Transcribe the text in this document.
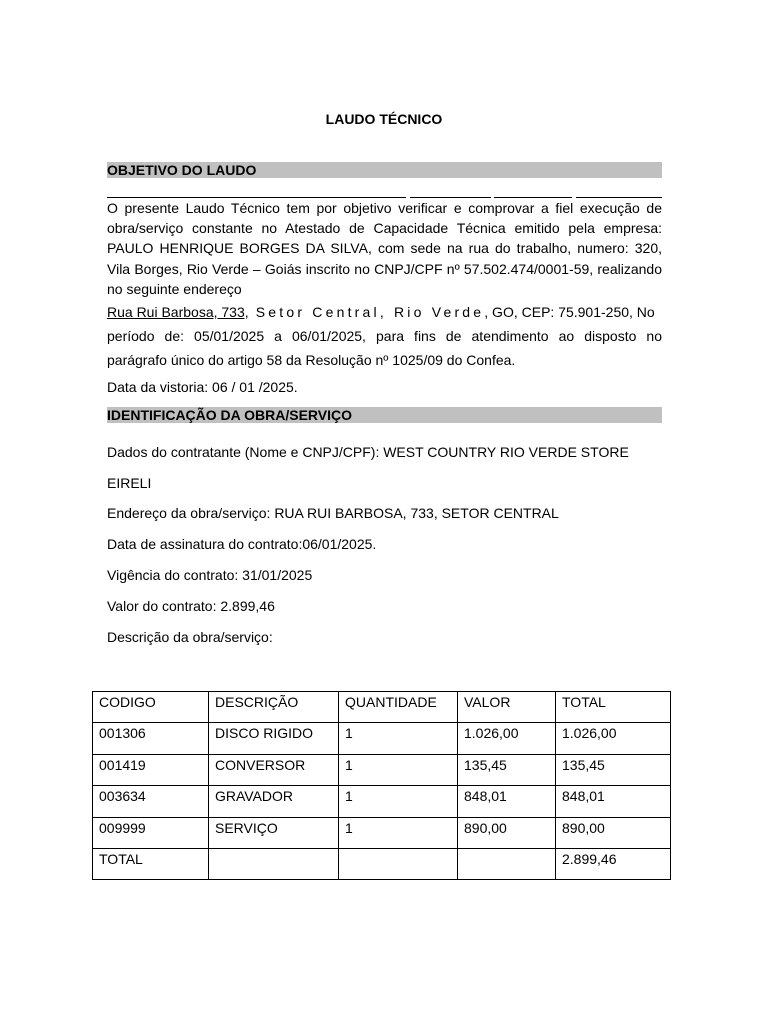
LAUDO TÉCNICO
OBJETIVO DO LAUDO
O presente Laudo Técnico tem por objetivo verificar e comprovar a fiel execução de obra/serviço constante no Atestado de Capacidade Técnica emitido pela empresa: PAULO HENRIQUE BORGES DA SILVA, com sede na rua do trabalho, numero: 320, Vila Borges, Rio Verde – Goiás inscrito no CNPJ/CPF nº 57.502.474/0001-59, realizando no seguinte endereço
Rua Rui Barbosa, 733, Setor Central, Rio Verde, GO, CEP: 75.901-250, No
período de: 05/01/2025 a 06/01/2025, para fins de atendimento ao disposto no
parágrafo único do artigo 58 da Resolução nº 1025/09 do Confea.
Data da vistoria: 06 / 01 /2025.
IDENTIFICAÇÃO DA OBRA/SERVIÇO
Dados do contratante (Nome e CNPJ/CPF): WEST COUNTRY RIO VERDE STORE
EIRELI
Endereço da obra/serviço: RUA RUI BARBOSA, 733, SETOR CENTRAL
Data de assinatura do contrato:06/01/2025.
Vigência do contrato: 31/01/2025
Valor do contrato: 2.899,46
Descrição da obra/serviço:
CODIGO	DESCRIÇÃO	QUANTIDADE	VALOR	TOTAL
001306	DISCO RIGIDO	1	1.026,00	1.026,00
001419	CONVERSOR	1	135,45	135,45
003634	GRAVADOR	1	848,01	848,01
009999	SERVIÇO	1	890,00	890,00
TOTAL				2.899,46
